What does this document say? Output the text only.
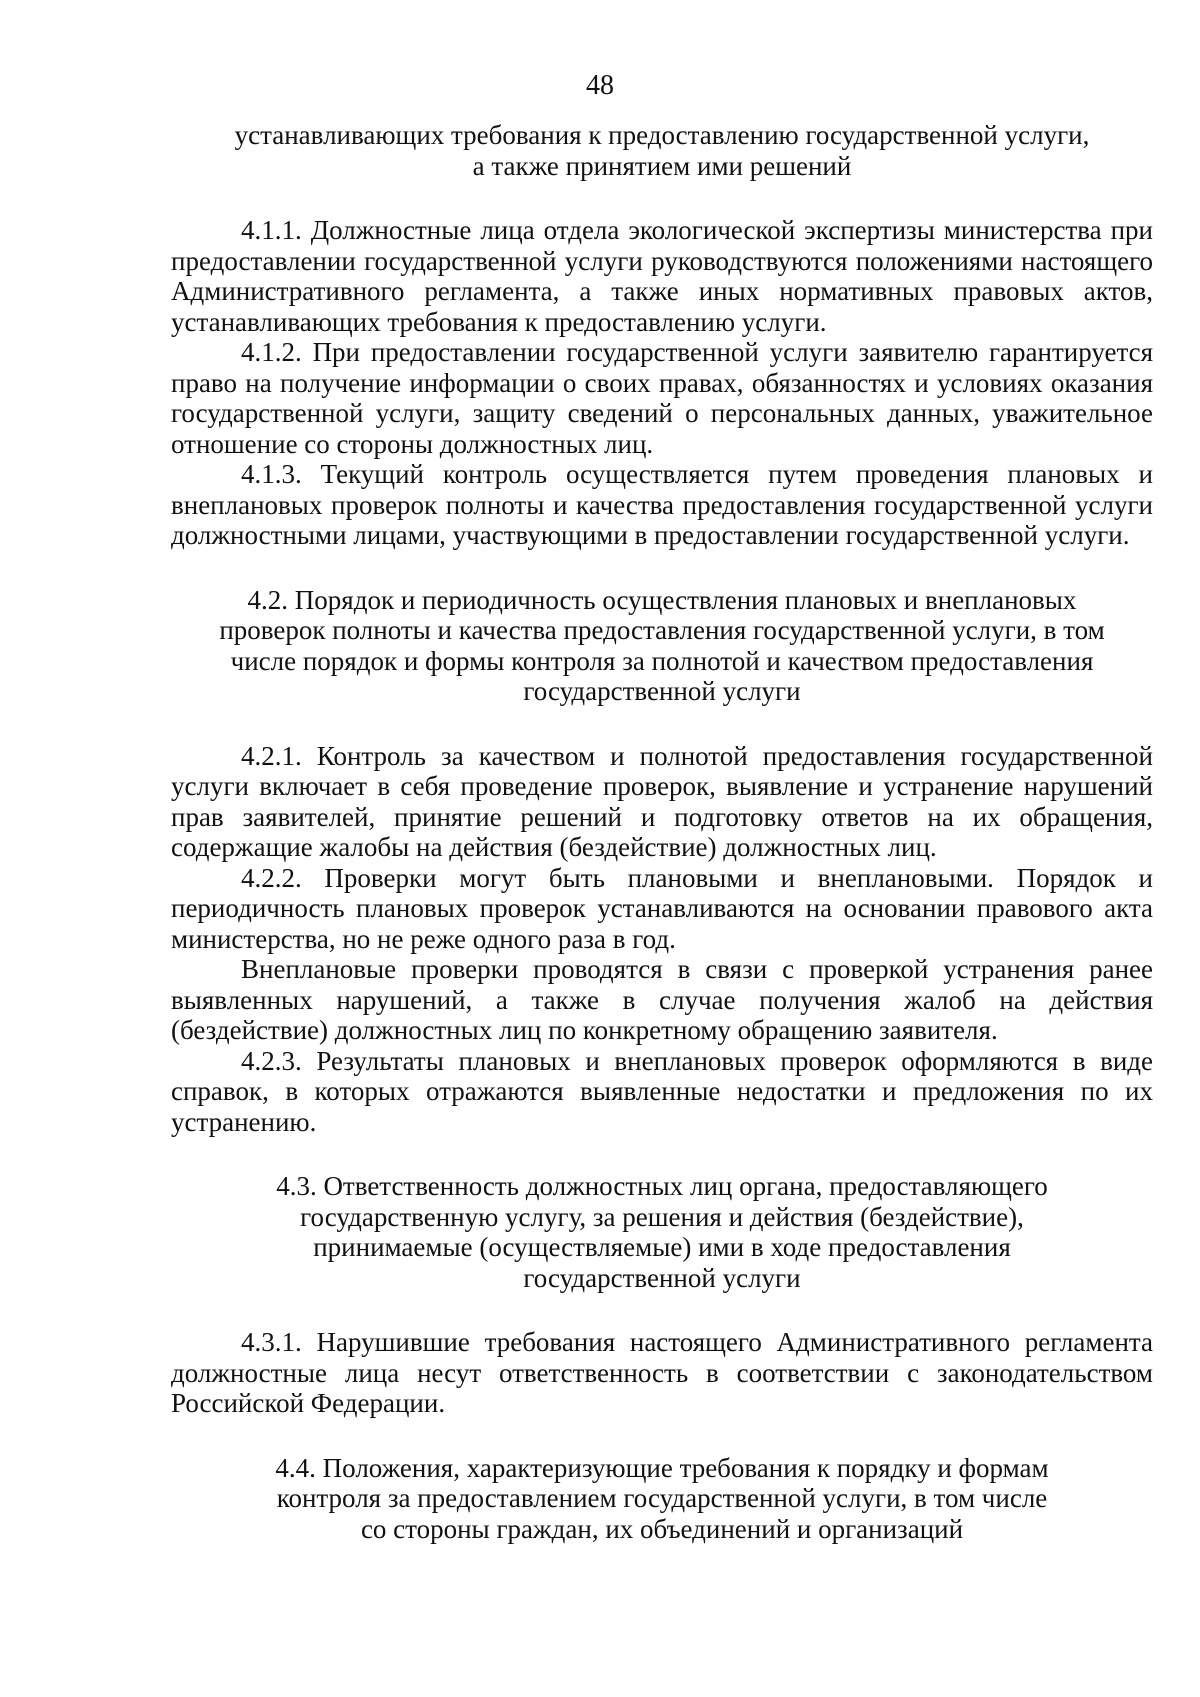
48
устанавливающих требования к предоставлению государственной услуги,
а также принятием ими решений

4.1.1. Должностные лица отдела экологической экспертизы министерства при предоставлении государственной услуги руководствуются положениями настоящего Административного регламента, а также иных нормативных правовых актов, устанавливающих требования к предоставлению услуги.

4.1.2. При предоставлении государственной услуги заявителю гарантируется право на получение информации о своих правах, обязанностях и условиях оказания государственной услуги, защиту сведений о персональных данных, уважительное отношение со стороны должностных лиц.

4.1.3. Текущий контроль осуществляется путем проведения плановых и внеплановых проверок полноты и качества предоставления государственной услуги должностными лицами, участвующими в предоставлении государственной услуги.

4.2. Порядок и периодичность осуществления плановых и внеплановых
проверок полноты и качества предоставления государственной услуги, в том
числе порядок и формы контроля за полнотой и качеством предоставления
государственной услуги

4.2.1. Контроль за качеством и полнотой предоставления государственной услуги включает в себя проведение проверок, выявление и устранение нарушений прав заявителей, принятие решений и подготовку ответов на их обращения, содержащие жалобы на действия (бездействие) должностных лиц.

4.2.2. Проверки могут быть плановыми и внеплановыми. Порядок и периодичность плановых проверок устанавливаются на основании правового акта министерства, но не реже одного раза в год.

Внеплановые проверки проводятся в связи с проверкой устранения ранее выявленных нарушений, а также в случае получения жалоб на действия (бездействие) должностных лиц по конкретному обращению заявителя.

4.2.3. Результаты плановых и внеплановых проверок оформляются в виде справок, в которых отражаются выявленные недостатки и предложения по их устранению.

4.3. Ответственность должностных лиц органа, предоставляющего
государственную услугу, за решения и действия (бездействие),
принимаемые (осуществляемые) ими в ходе предоставления
государственной услуги

4.3.1. Нарушившие требования настоящего Административного регламента должностные лица несут ответственность в соответствии с законодательством Российской Федерации.

4.4. Положения, характеризующие требования к порядку и формам
контроля за предоставлением государственной услуги, в том числе
со стороны граждан, их объединений и организаций
